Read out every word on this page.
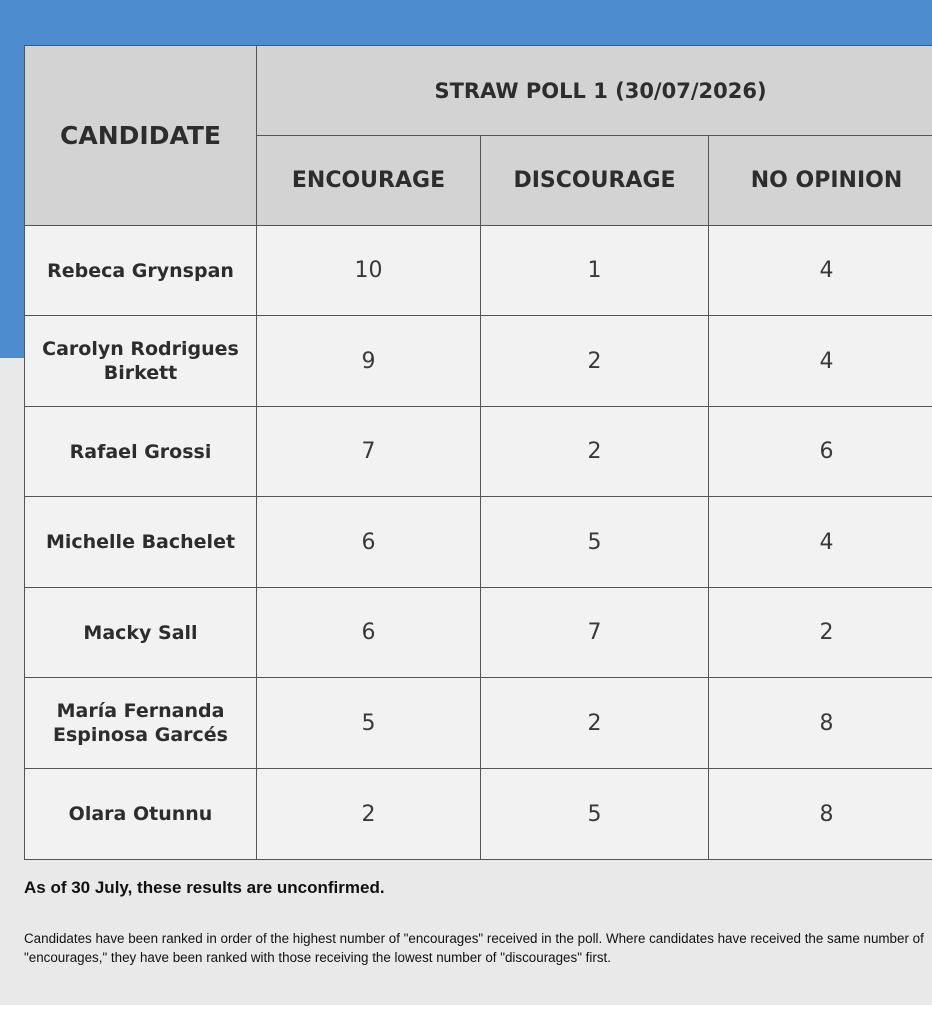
CANDIDATE	STRAW POLL 1 (30/07/2026)		
	ENCOURAGE	DISCOURAGE	NO OPINION
Rebeca Grynspan	10	1	4
Carolyn Rodrigues Birkett	9	2	4
Rafael Grossi	7	2	6
Michelle Bachelet	6	5	4
Macky Sall	6	7	2
María Fernanda Espinosa Garcés	5	2	8
Olara Otunnu	2	5	8
As of 30 July, these results are unconfirmed.
Candidates have been ranked in order of the highest number of "encourages" received in the poll. Where candidates have received the same number of "encourages," they have been ranked with those receiving the lowest number of "discourages" first.
